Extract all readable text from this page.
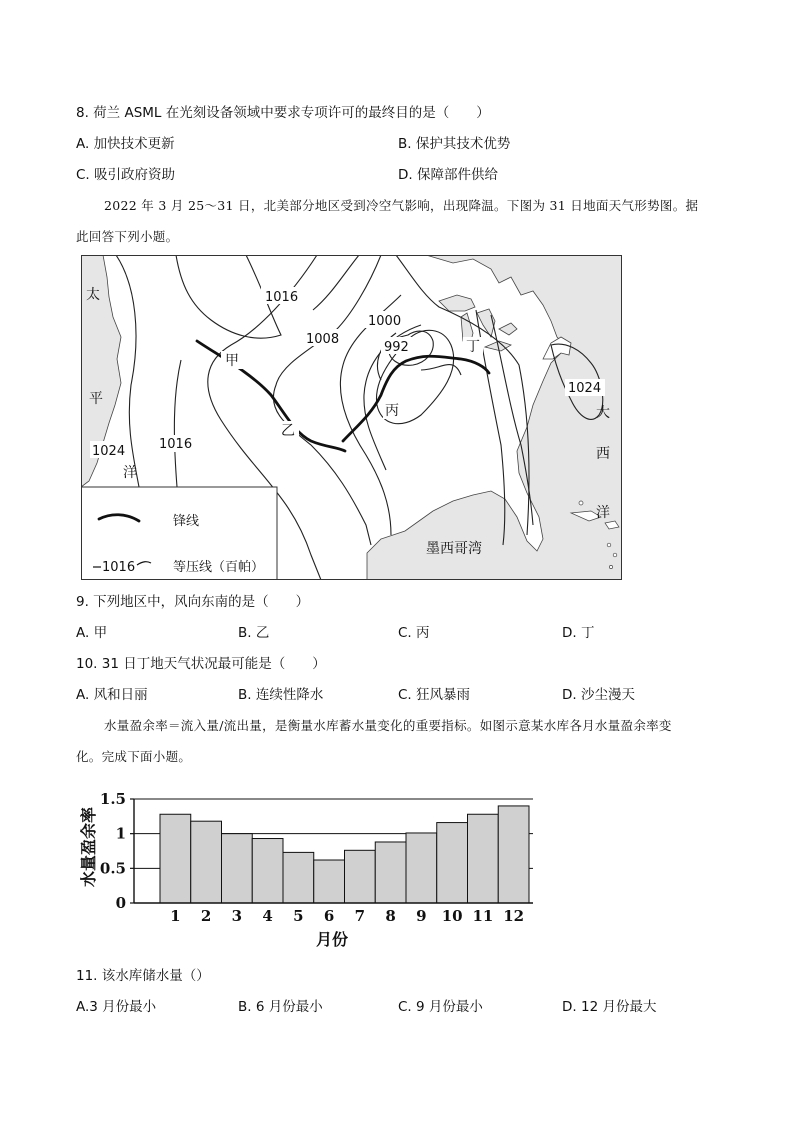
8. 荷兰 ASML 在光刻设备领域中要求专项许可的最终目的是（　　）
A. 加快技术更新	B. 保护其技术优势
C. 吸引政府资助	D. 保障部件供给
2022 年 3 月 25～31 日，北美部分地区受到冷空气影响，出现降温。下图为 31 日地面天气形势图。据
此回答下列小题。
1016
1008
1000
992
1016
1024
1024
甲
乙
丙
丁
太
平
洋
大
西
洋
墨西哥湾
锋线
1016	等压线（百帕）
9. 下列地区中，风向东南的是（　　）
A. 甲	B. 乙	C. 丙	D. 丁
10. 31 日丁地天气状况最可能是（　　）
A. 风和日丽	B. 连续性降水	C. 狂风暴雨	D. 沙尘漫天
水量盈余率＝流入量/流出量，是衡量水库蓄水量变化的重要指标。如图示意某水库各月水量盈余率变
化。完成下面小题。
0
0.5
1
1.5
1 2 3 4 5 6 7 8 9 10 11 12
水量盈余率
月份
11. 该水库储水量（）
A.3 月份最小	B. 6 月份最小	C. 9 月份最小	D. 12 月份最大
